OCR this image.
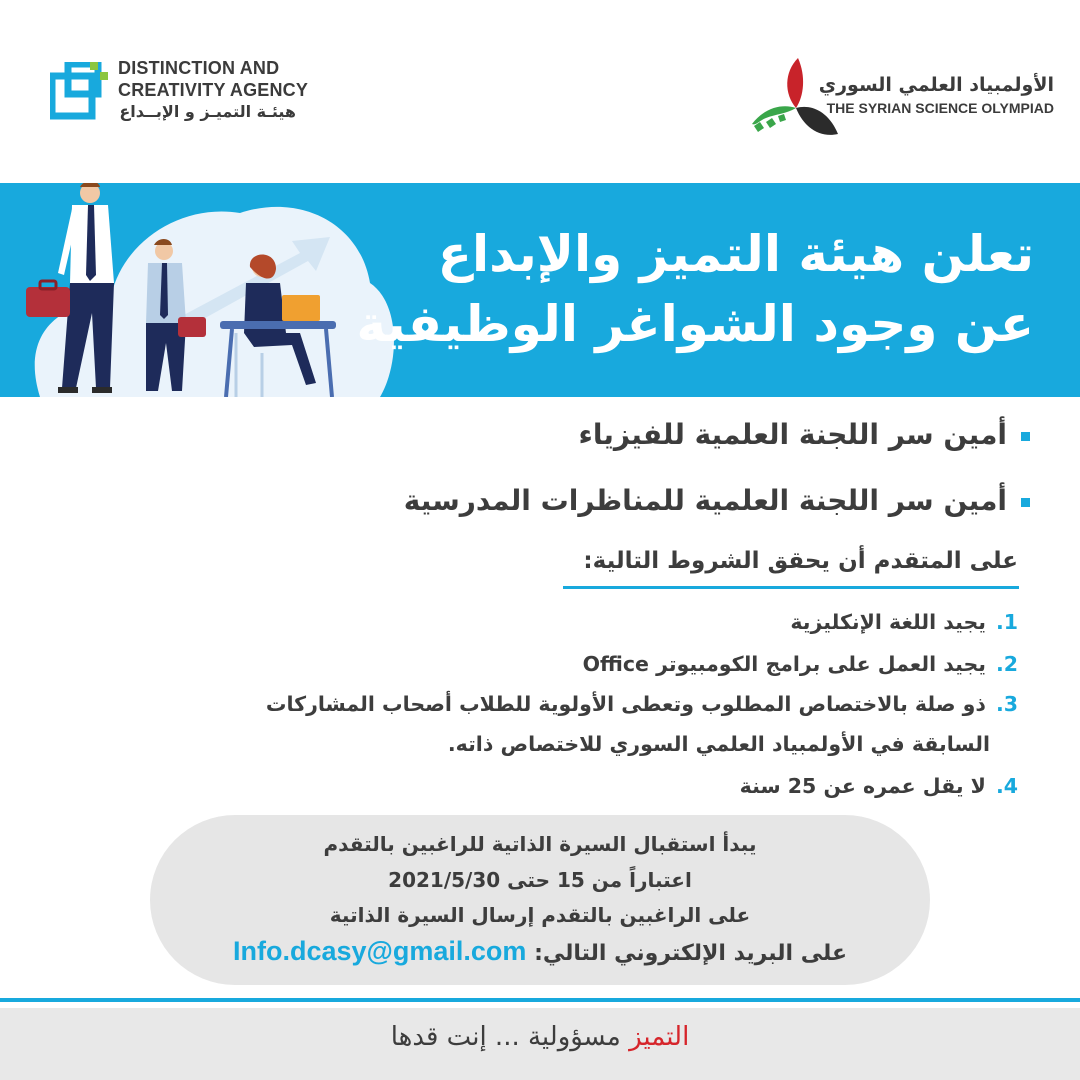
DISTINCTION AND
CREATIVITY AGENCY
هيئـة التميـز و الإبــداع
الأولمبياد العلمي السوري
THE SYRIAN SCIENCE OLYMPIAD
تعلن هيئة التميز والإبداع
عن وجود الشواغر الوظيفية
أمين سر اللجنة العلمية للفيزياء
أمين سر اللجنة العلمية للمناظرات المدرسية
على المتقدم أن يحقق الشروط التالية:
1.يجيد اللغة الإنكليزية
2.يجيد العمل على برامج الكومبيوتر Office
3.ذو صلة بالاختصاص المطلوب وتعطى الأولوية للطلاب أصحاب المشاركات
السابقة في الأولمبياد العلمي السوري للاختصاص ذاته.
4.لا يقل عمره عن 25 سنة
يبدأ استقبال السيرة الذاتية للراغبين بالتقدم
اعتباراً من 15 حتى 2021/5/30
على الراغبين بالتقدم إرسال السيرة الذاتية
على البريد الإلكتروني التالي: Info.dcasy@gmail.com
التميز مسؤولية ... إنت قدها
